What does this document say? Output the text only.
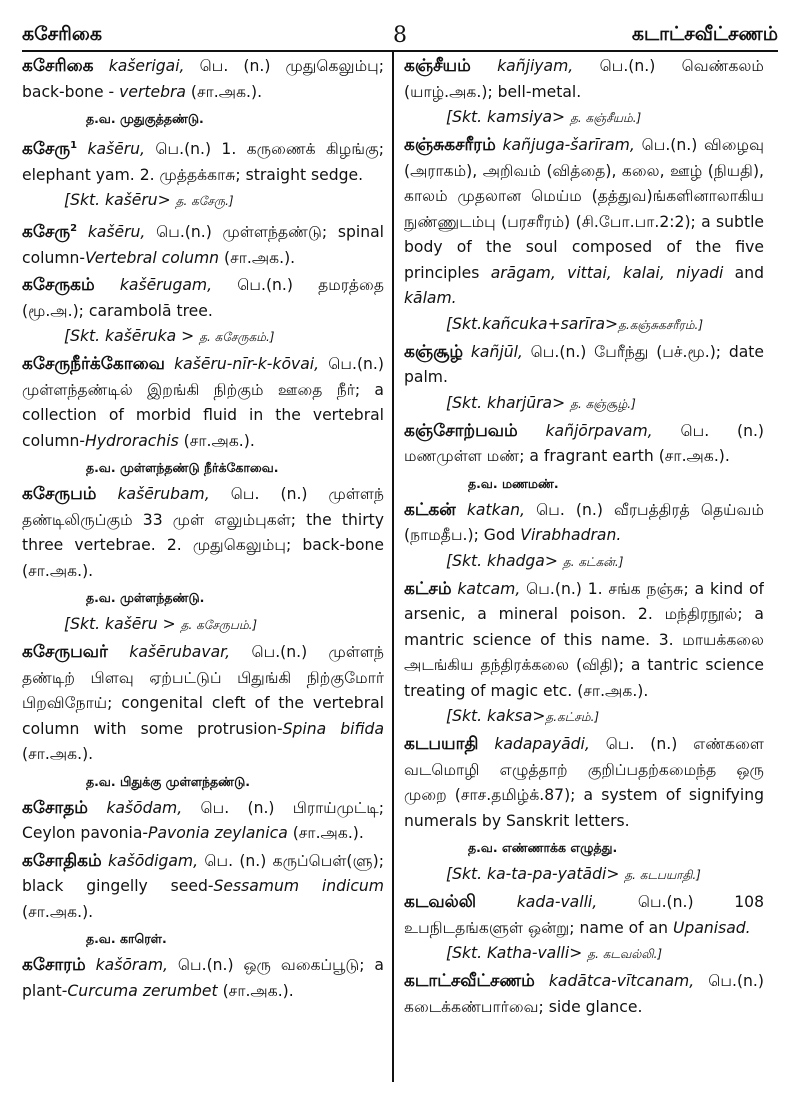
கசேரிகை	8	கடாட்சவீட்சணம்

கசேரிகை kašerigai, பெ. (n.) முதுகெலும்பு; back-bone - vertebra (சா.அக.).

த.வ. முதுகுத்தண்டு.

கசேரு$^1$ kašēru, பெ.(n.) 1. கருணைக் கிழங்கு; elephant yam. 2. முத்தக்காசு; straight sedge.

[Skt. kašēru> த. கசேரு.]

கசேரு$^2$ kašēru, பெ.(n.) முள்ளந்தண்டு; spinal column-Vertebral column (சா.அக.).

கசேருகம் kašērugam, பெ.(n.) தமரத்தை (மூ.அ.); carambolā tree.

[Skt. kašēruka > த. கசேருகம்.]

கசேருநீர்க்கோவை kašēru-nīr-k-kōvai, பெ.(n.) முள்ளந்தண்டில் இறங்கி நிற்கும் ஊதை நீர்; a collection of morbid fluid in the vertebral column-Hydrorachis (சா.அக.).

த.வ. முள்ளந்தண்டு நீர்க்கோவை.

கசேருபம் kašērubam, பெ. (n.) முள்ளந் தண்டிலிருப்கும் 33 முள் எலும்புகள்; the thirty three vertebrae. 2. முதுகெலும்பு; back-bone (சா.அக.).

த.வ. முள்ளந்தண்டு.
[Skt. kašēru > த. கசேருபம்.]

கசேருபவர் kašērubavar, பெ.(n.) முள்ளந் தண்டிற் பிளவு ஏற்பட்டுப் பிதுங்கி நிற்குமோர் பிறவிநோய்; congenital cleft of the vertebral column with some protrusion-Spina bifida (சா.அக.).

த.வ. பிதுக்கு முள்ளந்தண்டு.

கசோதம் kašōdam, பெ. (n.) பிராய்முட்டி; Ceylon pavonia-Pavonia zeylanica (சா.அக.).

கசோதிகம் kašōdigam, பெ. (n.) கருப்பெள்(ளு); black gingelly seed-Sessamum indicum (சா.அக.).

த.வ. காரெள்.

கசோரம் kašōram, பெ.(n.) ஒரு வகைப்பூடு; a plant-Curcuma zerumbet (சா.அக.).

கஞ்சீயம் kañjiyam, பெ.(n.) வெண்கலம் (யாழ்.அக.); bell-metal.

[Skt. kamsiya> த. கஞ்சீயம்.]

கஞ்சுகசரீரம் kañjuga-šarīram, பெ.(n.) விழைவு (அராகம்), அறிவம் (வித்தை), கலை, ஊழ் (நியதி), காலம் முதலான மெய்ம (தத்துவ)ங்களினாலாகிய நுண்ணுடம்பு (பரசரீரம்) (சி.போ.பா.2:2); a subtle body of the soul composed of the five principles arāgam, vittai, kalai, niyadi and kālam.

[Skt.kañcuka+sarīra>த.கஞ்சுகசரீரம்.]

கஞ்சூழ் kañjūl, பெ.(n.) பேரீந்து (பச்.மூ.); date palm.

[Skt. kharjūra> த. கஞ்சூழ்.]

கஞ்சோற்பவம் kañjōrpavam, பெ. (n.) மணமுள்ள மண்; a fragrant earth (சா.அக.).

த.வ. மணமண்.

கட்கன் katkan, பெ. (n.) வீரபத்திரத் தெய்வம் (நாமதீப.); God Virabhadran.

[Skt. khadga> த. கட்கன்.]

கட்சம் katcam, பெ.(n.) 1. சங்க நஞ்சு; a kind of arsenic, a mineral poison. 2. மந்திரநூல்; a mantric science of this name. 3. மாயக்கலை அடங்கிய தந்திரக்கலை (விதி); a tantric science treating of magic etc. (சா.அக.).

[Skt. kaksa>த.கட்சம்.]

கடபயாதி kadapayādi, பெ. (n.) எண்களை வடமொழி எழுத்தாற் குறிப்பதற்கமைந்த ஒரு முறை (சாச.தமிழ்க்.87); a system of signifying numerals by Sanskrit letters.

த.வ. எண்ணாக்க எழுத்து.
[Skt. ka-ta-pa-yatādi> த. கடபயாதி.]

கடவல்லி	kada-valli,	பெ.(n.) 108 உபநிடதங்களுள் ஒன்று; name of an Upanisad.

[Skt. Katha-valli> த. கடவல்லி.]

கடாட்சவீட்சணம் kadātca-vītcanam, பெ.(n.) கடைக்கண்பார்வை; side glance.
